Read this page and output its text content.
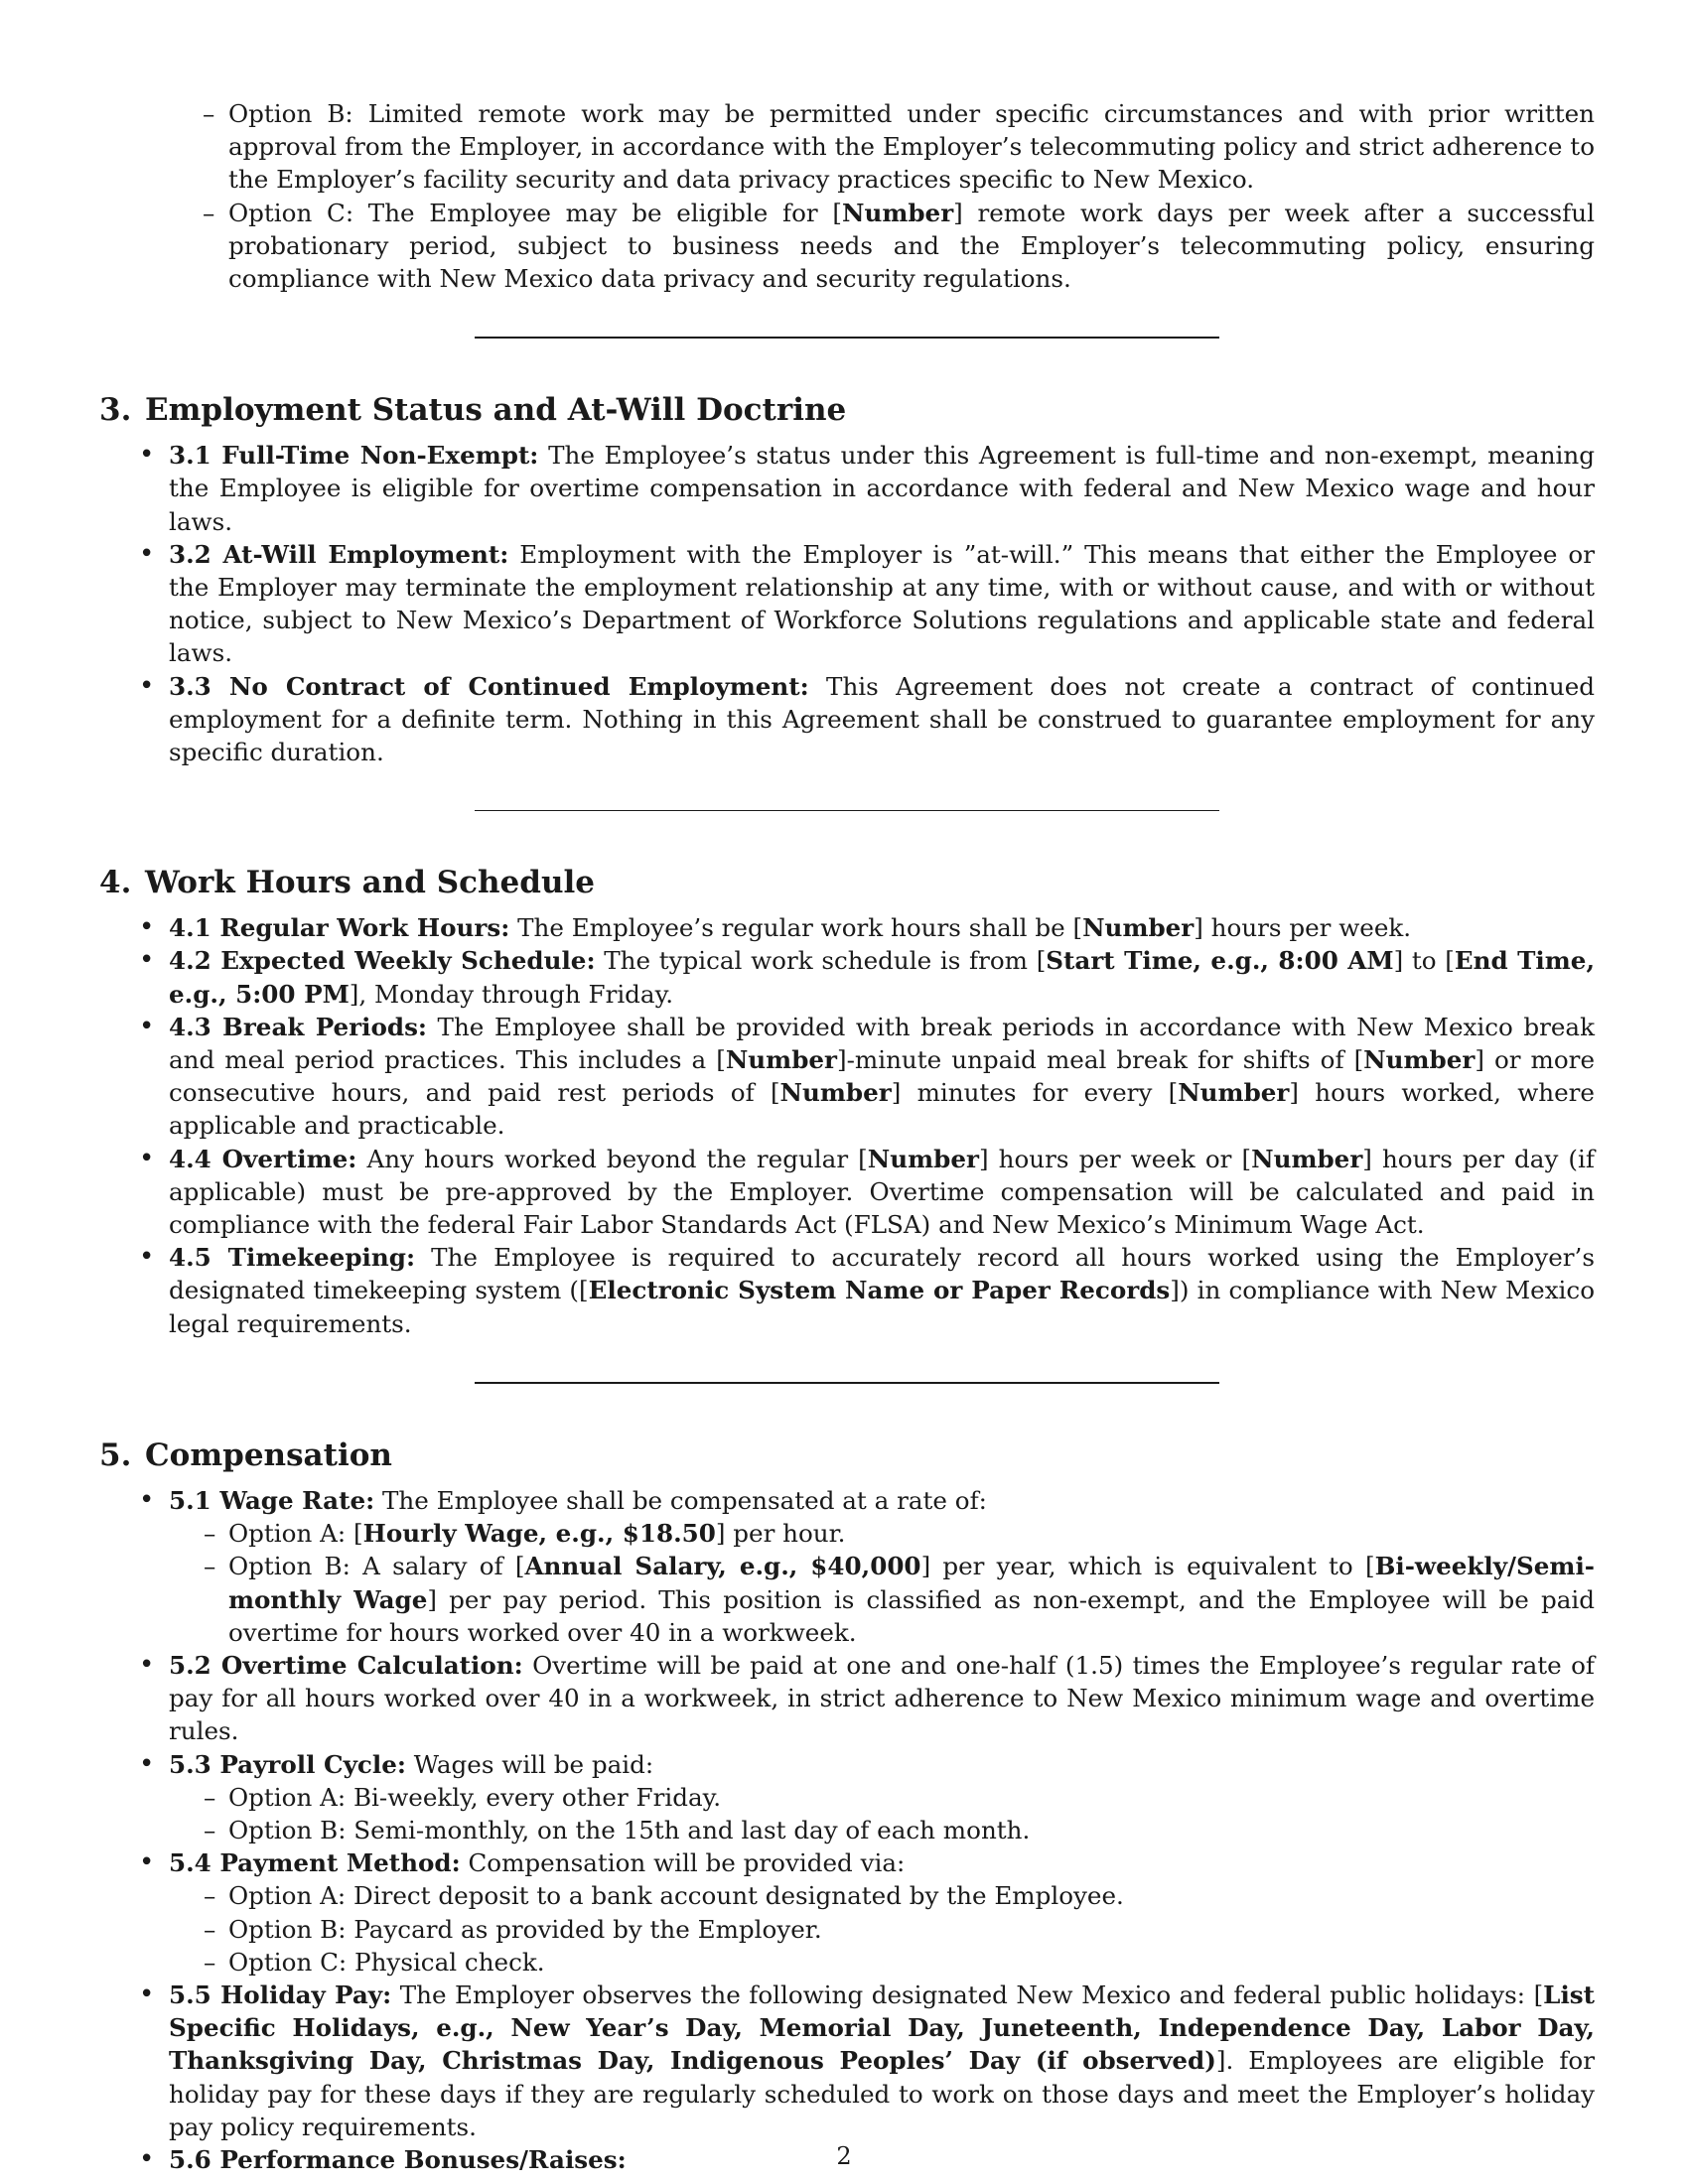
– Option B: Limited remote work may be permitted under specific circumstances and with prior written approval from the Employer, in accordance with the Employer’s telecommuting policy and strict adherence to the Employer’s facility security and data privacy practices specific to New Mexico.
– Option C: The Employee may be eligible for [Number] remote work days per week after a successful probationary period, subject to business needs and the Employer’s telecommuting policy, ensuring compliance with New Mexico data privacy and security regulations.
3. Employment Status and At-Will Doctrine
• 3.1 Full-Time Non-Exempt: The Employee’s status under this Agreement is full-time and non-exempt, meaning the Employee is eligible for overtime compensation in accordance with federal and New Mexico wage and hour laws.
• 3.2 At-Will Employment: Employment with the Employer is ”at-will.” This means that either the Employee or the Employer may terminate the employment relationship at any time, with or without cause, and with or without notice, subject to New Mexico’s Department of Workforce Solutions regulations and applicable state and federal laws.
• 3.3 No Contract of Continued Employment: This Agreement does not create a contract of continued employment for a definite term. Nothing in this Agreement shall be construed to guarantee employment for any specific duration.
4. Work Hours and Schedule
• 4.1 Regular Work Hours: The Employee’s regular work hours shall be [Number] hours per week.
• 4.2 Expected Weekly Schedule: The typical work schedule is from [Start Time, e.g., 8:00 AM] to [End Time, e.g., 5:00 PM], Monday through Friday.
• 4.3 Break Periods: The Employee shall be provided with break periods in accordance with New Mexico break and meal period practices. This includes a [Number]-minute unpaid meal break for shifts of [Number] or more consecutive hours, and paid rest periods of [Number] minutes for every [Number] hours worked, where applicable and practicable.
• 4.4 Overtime: Any hours worked beyond the regular [Number] hours per week or [Number] hours per day (if applicable) must be pre-approved by the Employer. Overtime compensation will be calculated and paid in compliance with the federal Fair Labor Standards Act (FLSA) and New Mexico’s Minimum Wage Act.
• 4.5 Timekeeping: The Employee is required to accurately record all hours worked using the Employer’s designated timekeeping system ([Electronic System Name or Paper Records]) in compliance with New Mexico legal requirements.
5. Compensation
• 5.1 Wage Rate: The Employee shall be compensated at a rate of:
– Option A: [Hourly Wage, e.g., $18.50] per hour.
– Option B: A salary of [Annual Salary, e.g., $40,000] per year, which is equivalent to [Bi-weekly/Semi-monthly Wage] per pay period. This position is classified as non-exempt, and the Employee will be paid overtime for hours worked over 40 in a workweek.
• 5.2 Overtime Calculation: Overtime will be paid at one and one-half (1.5) times the Employee’s regular rate of pay for all hours worked over 40 in a workweek, in strict adherence to New Mexico minimum wage and overtime rules.
• 5.3 Payroll Cycle: Wages will be paid:
– Option A: Bi-weekly, every other Friday.
– Option B: Semi-monthly, on the 15th and last day of each month.
• 5.4 Payment Method: Compensation will be provided via:
– Option A: Direct deposit to a bank account designated by the Employee.
– Option B: Paycard as provided by the Employer.
– Option C: Physical check.
• 5.5 Holiday Pay: The Employer observes the following designated New Mexico and federal public holidays: [List Specific Holidays, e.g., New Year’s Day, Memorial Day, Juneteenth, Independence Day, Labor Day, Thanksgiving Day, Christmas Day, Indigenous Peoples’ Day (if observed)]. Employees are eligible for holiday pay for these days if they are regularly scheduled to work on those days and meet the Employer’s holiday pay policy requirements.
• 5.6 Performance Bonuses/Raises:	2
